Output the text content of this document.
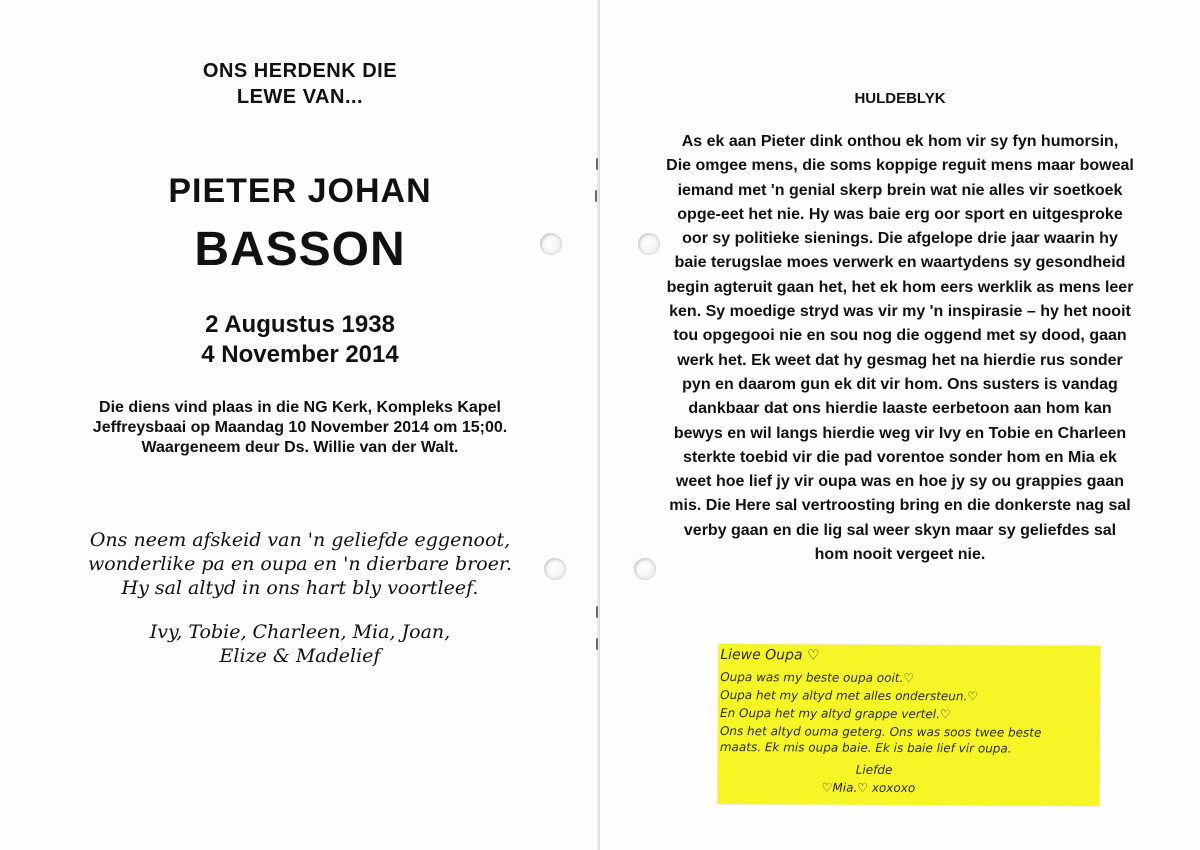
ONS HERDENK DIE
LEWE VAN...
PIETER JOHAN
BASSON
2 Augustus 1938
4 November 2014
Die diens vind plaas in die NG Kerk, Kompleks Kapel
Jeffreysbaai op Maandag 10 November 2014 om 15;00.
Waargeneem deur Ds. Willie van der Walt.
Ons neem afskeid van 'n geliefde eggenoot,
wonderlike pa en oupa en 'n dierbare broer.
Hy sal altyd in ons hart bly voortleef.
Ivy, Tobie, Charleen, Mia, Joan,
Elize & Madelief
HULDEBLYK
As ek aan Pieter dink onthou ek hom vir sy fyn humorsin,
Die omgee mens, die soms koppige reguit mens maar boweal
iemand met 'n genial skerp brein wat nie alles vir soetkoek
opge-eet het nie. Hy was baie erg oor sport en uitgesproke
oor sy politieke sienings. Die afgelope drie jaar waarin hy
baie terugslae moes verwerk en waartydens sy gesondheid
begin agteruit gaan het, het ek hom eers werklik as mens leer
ken. Sy moedige stryd was vir my 'n inspirasie – hy het nooit
tou opgegooi nie en sou nog die oggend met sy dood, gaan
werk het. Ek weet dat hy gesmag het na hierdie rus sonder
pyn en daarom gun ek dit vir hom. Ons susters is vandag
dankbaar dat ons hierdie laaste eerbetoon aan hom kan
bewys en wil langs hierdie weg vir Ivy en Tobie en Charleen
sterkte toebid vir die pad vorentoe sonder hom en Mia ek
weet hoe lief jy vir oupa was en hoe jy sy ou grappies gaan
mis. Die Here sal vertroosting bring en die donkerste nag sal
verby gaan en die lig sal weer skyn maar sy geliefdes sal
hom nooit vergeet nie.
Liewe Oupa ♡
Oupa was my beste oupa ooit.♡
Oupa het my altyd met alles ondersteun.♡
En Oupa het my altyd grappe vertel.♡
Ons het altyd ouma geterg. Ons was soos twee beste
maats. Ek mis oupa baie. Ek is baie lief vir oupa.
Liefde
♡Mia.♡ xoxoxo
